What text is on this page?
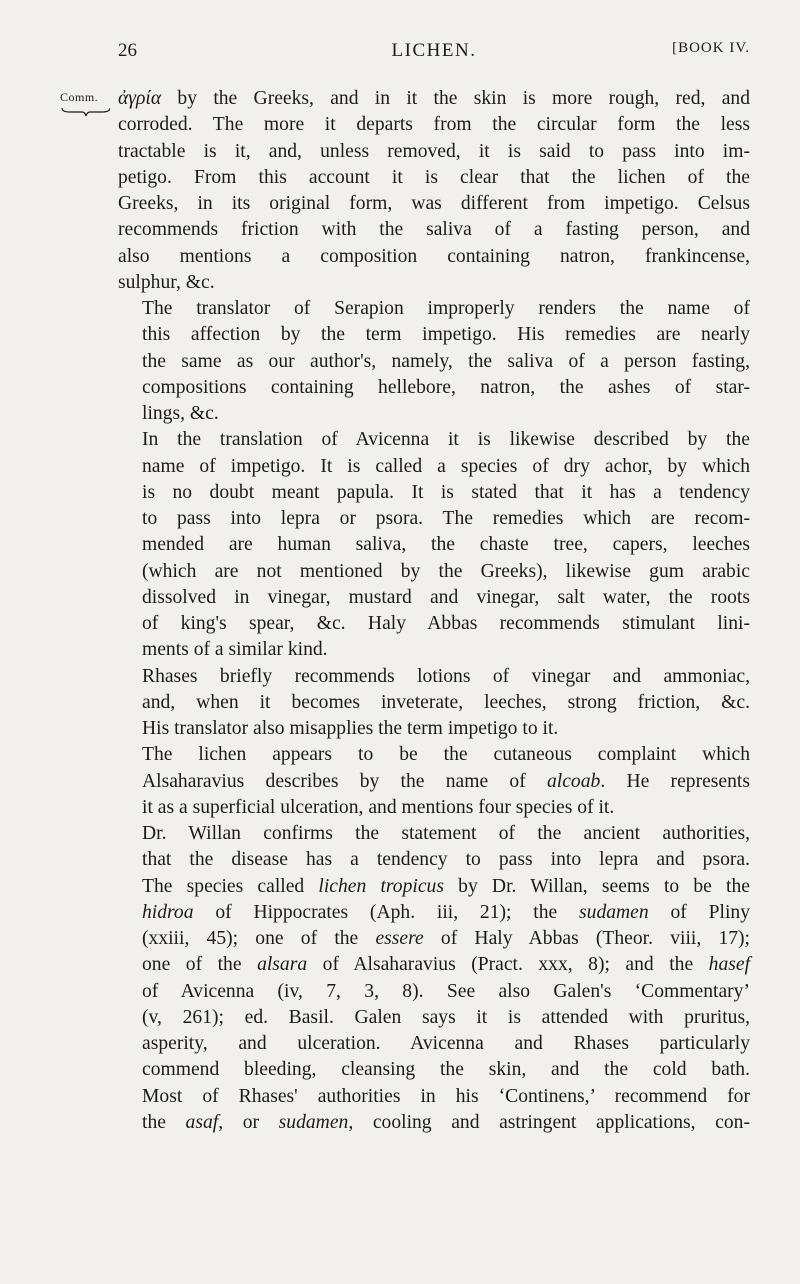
26	LICHEN.	[BOOK IV.
Comm.	ἀγρία by the Greeks, and in it the skin is more rough, red, and
corroded. The more it departs from the circular form the less
tractable is it, and, unless removed, it is said to pass into im-
petigo. From this account it is clear that the lichen of the
Greeks, in its original form, was different from impetigo. Celsus
recommends friction with the saliva of a fasting person, and
also mentions a composition containing natron, frankincense,
sulphur, &c.

The translator of Serapion improperly renders the name of
this affection by the term impetigo. His remedies are nearly
the same as our author's, namely, the saliva of a person fasting,
compositions containing hellebore, natron, the ashes of star-
lings, &c.

In the translation of Avicenna it is likewise described by the
name of impetigo. It is called a species of dry achor, by which
is no doubt meant papula. It is stated that it has a tendency
to pass into lepra or psora. The remedies which are recom-
mended are human saliva, the chaste tree, capers, leeches
(which are not mentioned by the Greeks), likewise gum arabic
dissolved in vinegar, mustard and vinegar, salt water, the roots
of king's spear, &c. Haly Abbas recommends stimulant lini-
ments of a similar kind.

Rhases briefly recommends lotions of vinegar and ammoniac,
and, when it becomes inveterate, leeches, strong friction, &c.
His translator also misapplies the term impetigo to it.

The lichen appears to be the cutaneous complaint which
Alsaharavius describes by the name of alcoab. He represents
it as a superficial ulceration, and mentions four species of it.

Dr. Willan confirms the statement of the ancient authorities,
that the disease has a tendency to pass into lepra and psora.
The species called lichen tropicus by Dr. Willan, seems to be the
hidroa of Hippocrates (Aph. iii, 21); the sudamen of Pliny
(xxiii, 45); one of the essere of Haly Abbas (Theor. viii, 17);
one of the alsara of Alsaharavius (Pract. xxx, 8); and the hasef
of Avicenna (iv, 7, 3, 8). See also Galen's ‘Commentary’
(v, 261); ed. Basil. Galen says it is attended with pruritus,
asperity, and ulceration. Avicenna and Rhases particularly
commend bleeding, cleansing the skin, and the cold bath.
Most of Rhases' authorities in his ‘Continens,’ recommend for
the asaf, or sudamen, cooling and astringent applications, con-
